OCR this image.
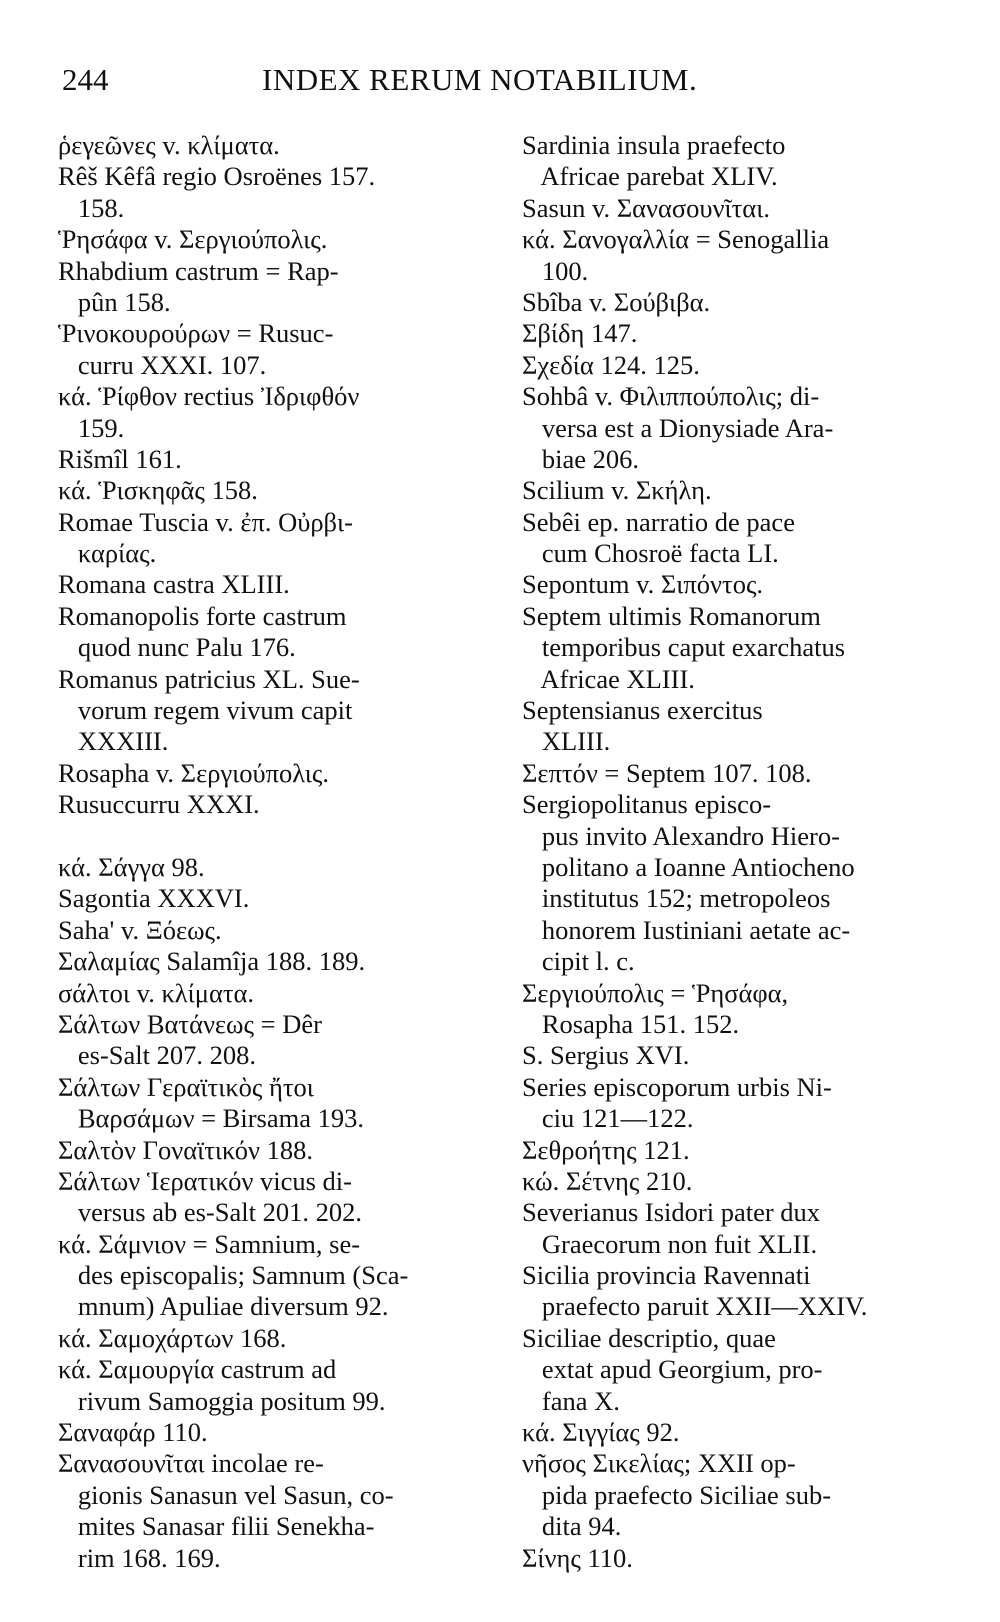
244	INDEX RERUM NOTABILIUM.
ῥεγεῶνες v. κλίματα.
Rêš Kêfâ regio Osroënes 157.
158.
Ῥησάφα v. Σεργιούπολις.
Rhabdium castrum = Rap-
pûn 158.
Ῥινοκουρούρων = Rusuc-
curru XXXI. 107.
κά. Ῥίφθον rectius Ἰδριφθόν
159.
Rišmîl 161.
κά. Ῥισκηφᾶς 158.
Romae Tuscia v. ἐπ. Οὐρβι-
καρίας.
Romana castra XLIII.
Romanopolis forte castrum
quod nunc Palu 176.
Romanus patricius XL. Sue-
vorum regem vivum capit
XXXIII.
Rosapha v. Σεργιούπολις.
Rusuccurru XXXI.
κά. Σάγγα 98.
Sagontia XXXVI.
Saha' v. Ξόεως.
Σαλαμίας Salamîja 188. 189.
σάλτοι v. κλίματα.
Σάλτων Βατάνεως = Dêr
es-Salt 207. 208.
Σάλτων Γεραϊτικὸς ἤτοι
Βαρσάμων = Birsama 193.
Σαλτὸν Γοναϊτικόν 188.
Σάλτων Ἱερατικόν vicus di-
versus ab es-Salt 201. 202.
κά. Σάμνιον = Samnium, se-
des episcopalis; Samnum (Sca-
mnum) Apuliae diversum 92.
κά. Σαμοχάρτων 168.
κά. Σαμουργία castrum ad
rivum Samoggia positum 99.
Σαναφάρ 110.
Σανασουνῖται incolae re-
gionis Sanasun vel Sasun, co-
mites Sanasar filii Senekha-
rim 168. 169.
Sardinia insula praefecto
Africae parebat XLIV.
Sasun v. Σανασουνῖται.
κά. Σανογαλλία = Senogallia
100.
Sbîba v. Σούβιβα.
Σβίδη 147.
Σχεδία 124. 125.
Sohbâ v. Φιλιππούπολις; di-
versa est a Dionysiade Ara-
biae 206.
Scilium v. Σκήλη.
Sebêi ep. narratio de pace
cum Chosroë facta LI.
Sepontum v. Σιπόντος.
Septem ultimis Romanorum
temporibus caput exarchatus
Africae XLIII.
Septensianus exercitus
XLIII.
Σεπτόν = Septem 107. 108.
Sergiopolitanus episco-
pus invito Alexandro Hiero-
politano a Ioanne Antiocheno
institutus 152; metropoleos
honorem Iustiniani aetate ac-
cipit l. c.
Σεργιούπολις = Ῥησάφα,
Rosapha 151. 152.
S. Sergius XVI.
Series episcoporum urbis Ni-
ciu 121—122.
Σεθροήτης 121.
κώ. Σέτνης 210.
Severianus Isidori pater dux
Graecorum non fuit XLII.
Sicilia provincia Ravennati
praefecto paruit XXII—XXIV.
Siciliae descriptio, quae
extat apud Georgium, pro-
fana X.
κά. Σιγγίας 92.
νῆσος Σικελίας; XXII op-
pida praefecto Siciliae sub-
dita 94.
Σίνης 110.
